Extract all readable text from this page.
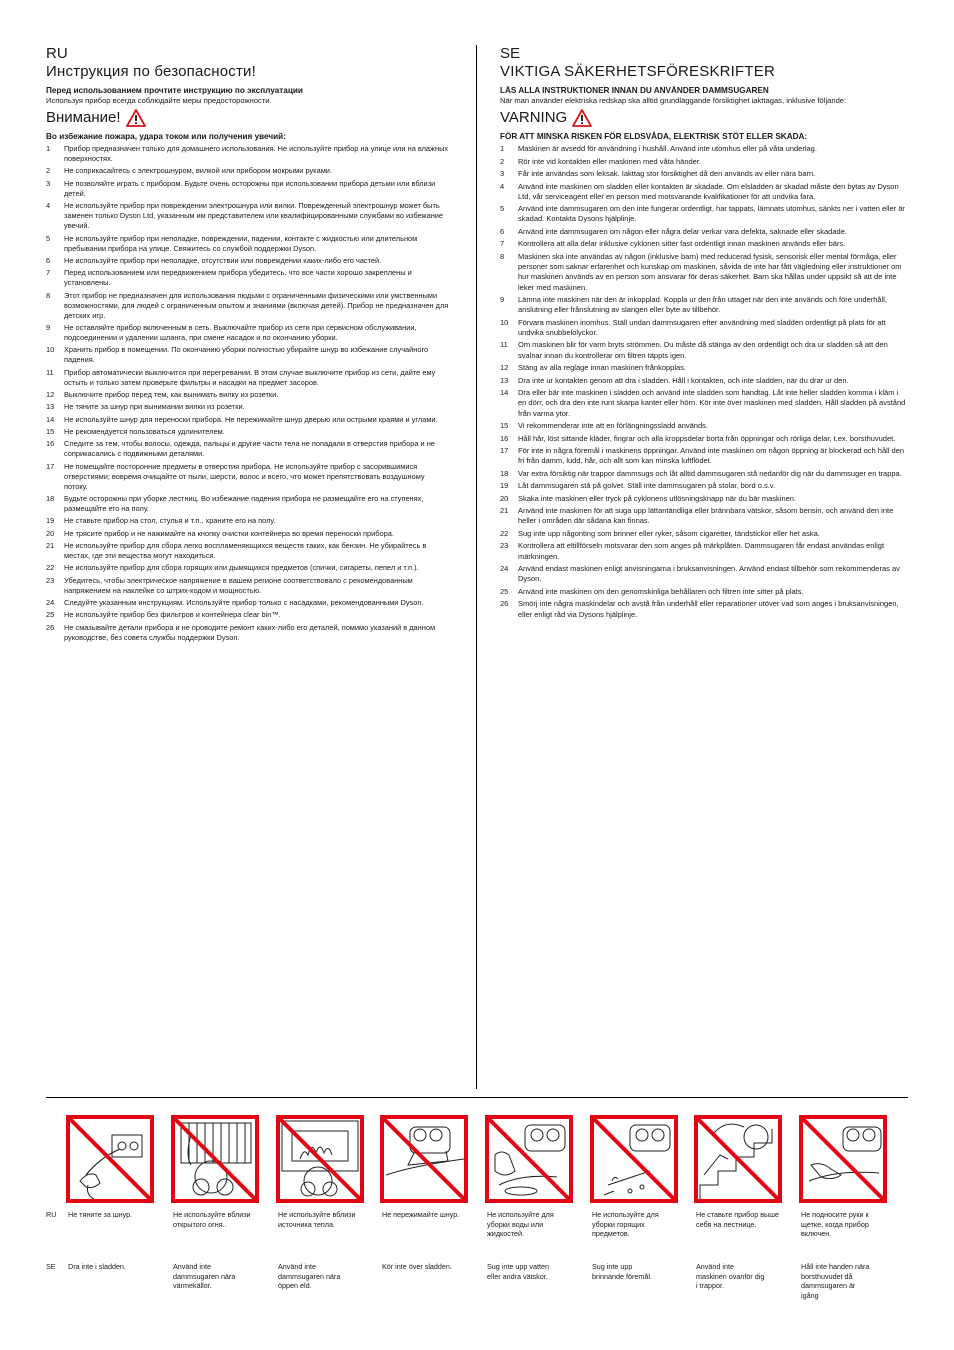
RU

Инструкция по безопасности!

Перед использованием прочтите инструкцию по эксплуатации

Используя прибор всегда соблюдайте меры предосторожности.

Внимание!

Во избежание пожара, удара током или получения увечий:

1	Прибор предназначен только для домашнего использования. Не используйте прибор на улице или на влажных поверхностях.
2	Не соприкасайтесь с электрошнуром, вилкой или прибором мокрыми руками.
3	Не позволяйте играть с прибором. Будьте очень осторожны при использовании прибора детьми или вблизи детей.
4	Не используйте прибор при повреждении электрошнура или вилки. Поврежденный электрошнур может быть заменен только Dyson Ltd, указанным им представителем или квалифицированными службами во избежание увечий.
5	Не используйте прибор при неполадке, повреждении, падении, контакте с жидкостью или длительном пребывании прибора на улице. Свяжитесь со службой поддержки Dyson.
6	Не используйте прибор при неполадке, отсутствии или повреждении каких-либо его частей.
7	Перед использованием или передвижением прибора убедитесь, что все части хорошо закреплены и установлены.
8	Этот прибор не предназначен для использования людьми с ограниченными физическими или умственными возможностями, для людей с ограниченным опытом и знаниями (включая детей). Прибор не предназначен для детских игр.
9	Не оставляйте прибор включенным в сеть. Выключайте прибор из сети при сервисном обслуживании, подсоединении и удалении шланга, при смене насадок и по окончанию уборки.
10	Хранить прибор в помещении. По окончанию уборки полностью убирайте шнур во избежание случайного падения.
11	Прибор автоматически выключится при перегревании. В этом случае выключите прибор из сети, дайте ему остыть и только затем проверьте фильтры и насадки на предмет засоров.
12	Выключите прибор перед тем, как вынимать вилку из розетки.
13	Не тяните за шнур при вынимании вилки из розетки.
14	Не используйте шнур для переноски прибора. Не пережимайте шнур дверью или острыми краями и углами.
15	Не рекомендуется пользоваться удлинителем.
16	Следите за тем, чтобы волосы, одежда, пальцы и другие части тела не попадали в отверстия прибора и не соприкасались с подвижными деталями.
17	Не помещайте посторонние предметы в отверстия прибора. Не используйте прибор с засорившимися отверстиями; вовремя очищайте от пыли, шерсти, волос и всего, что может препятствовать воздушному потоку.
18	Будьте осторожны при уборке лестниц. Во избежание падения прибора не размещайте его на ступенях, размещайте его на полу.
19	Не ставьте прибор на стол, стулья и т.п., храните его на полу.
20	Не трясите прибор и не нажимайте на кнопку очистки контейнера во время переноски прибора.
21	Не используйте прибор для сбора легко воспламеняющихся веществ таких, как бензин. Не убирайтесь в местах, где эти вещества могут находиться.
22	Не используйте прибор для сбора горящих или дымящихся предметов (спички, сигареты, пепел и т.п.).
23	Убедитесь, чтобы электрическое напряжение в вашем регионе соответствовало с рекомендованным напряжением на наклейке со штрих-кодом и мощностью.
24	Следуйте указанным инструкциям. Используйте прибор только с насадками, рекомендованными Dyson.
25	Не используйте прибор без фильтров и контейнера clear bin™.
26	Не смазывайте детали прибора и не проводите ремонт каких-либо его деталей, помимо указаний в данном руководстве, без совета службы поддержки Dyson.

SE

VIKTIGA SÄKERHETSFÖRESKRIFTER

LÄS ALLA INSTRUKTIONER INNAN DU ANVÄNDER DAMMSUGAREN

När man använder elektriska redskap ska alltid grundläggande försiktighet iakttagas, inklusive följande:

VARNING

FÖR ATT MINSKA RISKEN FÖR ELDSVÅDA, ELEKTRISK STÖT ELLER SKADA:

1	Maskinen är avsedd för användning i hushåll. Använd inte utomhus eller på våta underlag.
2	Rör inte vid kontakten eller maskinen med våta händer.
3	Får inte användas som leksak. Iakttag stor försiktighet då den används av eller nära barn.
4	Använd inte maskinen om sladden eller kontakten är skadade. Om elsladden är skadad måste den bytas av Dyson Ltd, vår serviceagent eller en person med motsvarande kvalifikationer för att undvika fara.
5	Använd inte dammsugaren om den inte fungerar ordentligt, har tappats, lämnats utomhus, sänkts ner i vatten eller är skadad. Kontakta Dysons hjälplinje.
6	Använd inte dammsugaren om någon eller några delar verkar vara defekta, saknade eller skadade.
7	Kontrollera att alla delar inklusive cyklonen sitter fast ordentligt innan maskinen används eller bärs.
8	Maskinen ska inte användas av någon (inklusive barn) med reducerad fysisk, sensorisk eller mental förmåga, eller personer som saknar erfarenhet och kunskap om maskinen, såvida de inte har fått vägledning eller instruktioner om hur maskinen används av en person som ansvarar för deras säkerhet. Barn ska hållas under uppsikt så att de inte leker med maskinen.
9	Lämna inte maskinen när den är inkopplad. Koppla ur den från uttaget när den inte används och före underhåll, anslutning eller frånslutning av slangen eller byte av tillbehör.
10	Förvara maskinen inomhus. Ställ undan dammsugaren efter användning med sladden ordentligt på plats för att undvika snubbelolyckor.
11	Om maskinen blir för varm bryts strömmen. Du måste då stänga av den ordentligt och dra ur sladden så att den svalnar innan du kontrollerar om filtren täppts igen.
12	Stäng av alla reglage innan maskinen frånkopplas.
13	Dra inte ur kontakten genom att dra i sladden. Håll i kontakten, och inte sladden, när du drar ur den.
14	Dra eller bär inte maskinen i sladden och använd inte sladden som handtag. Låt inte heller sladden komma i kläm i en dörr, och dra den inte runt skarpa kanter eller hörn. Kör inte över maskinen med sladden. Håll sladden på avstånd från varma ytor.
15	Vi rekommenderar inte att en förlängningssladd används.
16	Håll hår, löst sittande kläder, fingrar och alla kroppsdelar borta från öppningar och rörliga delar, t.ex. borsthuvudet.
17	För inte in några föremål i maskinens öppningar. Använd inte maskinen om någon öppning är blockerad och håll den fri från damm, ludd, hår, och allt som kan minska luftflödet.
18	Var extra försiktig när trappor dammsugs och låt alltid dammsugaren stå nedanför dig när du dammsuger en trappa.
19	Låt dammsugaren stå på golvet. Ställ inte dammsugaren på stolar, bord o.s.v.
20	Skaka inte maskinen eller tryck på cyklonens utlösningsknapp när du bär maskinen.
21	Använd inte maskinen för att suga upp lättantändliga eller brännbara vätskor, såsom bensin, och använd den inte heller i områden där sådana kan finnas.
22	Sug inte upp någonting som brinner eller ryker, såsom cigaretter, tändstickor eller het aska.
23	Kontrollera att eltillförseln motsvarar den som anges på märkplåten. Dammsugaren får endast användas enligt märkningen.
24	Använd endast maskinen enligt anvisningarna i bruksanvisningen. Använd endast tillbehör som rekommenderas av Dyson.
25	Använd inte maskinen om den genomskinliga behållaren och filtren inte sitter på plats.
26	Smörj inte några maskindelar och avstå från underhåll eller reparationer utöver vad som anges i bruksanvisningen, eller enligt råd via Dysons hjälplinje.
RU Не тяните за шнур.	Не используйте вблизи открытого огня..
Не используйте вблизи источника тепла.
Не пережимайте шнур.	Не используйте для уборки воды или жидкостей.
Не используйте для уборки горящих предметов.
Не ставьте прибор выше себя на лестнице.
Не подносите руки к щетке, когда прибор включен.
SE Dra inte i sladden.	Använd inte dammsugaren nära värmekällor.
Använd inte dammsugaren nära öppen eld.
Kör inte över sladden.	Sug inte upp vatten eller andra vätskor.
Sug inte upp brinnande föremål.
Använd inte maskinen ovanför dig i trappor.
Håll inte handen nära borsthuvudet då dammsugaren är igång
